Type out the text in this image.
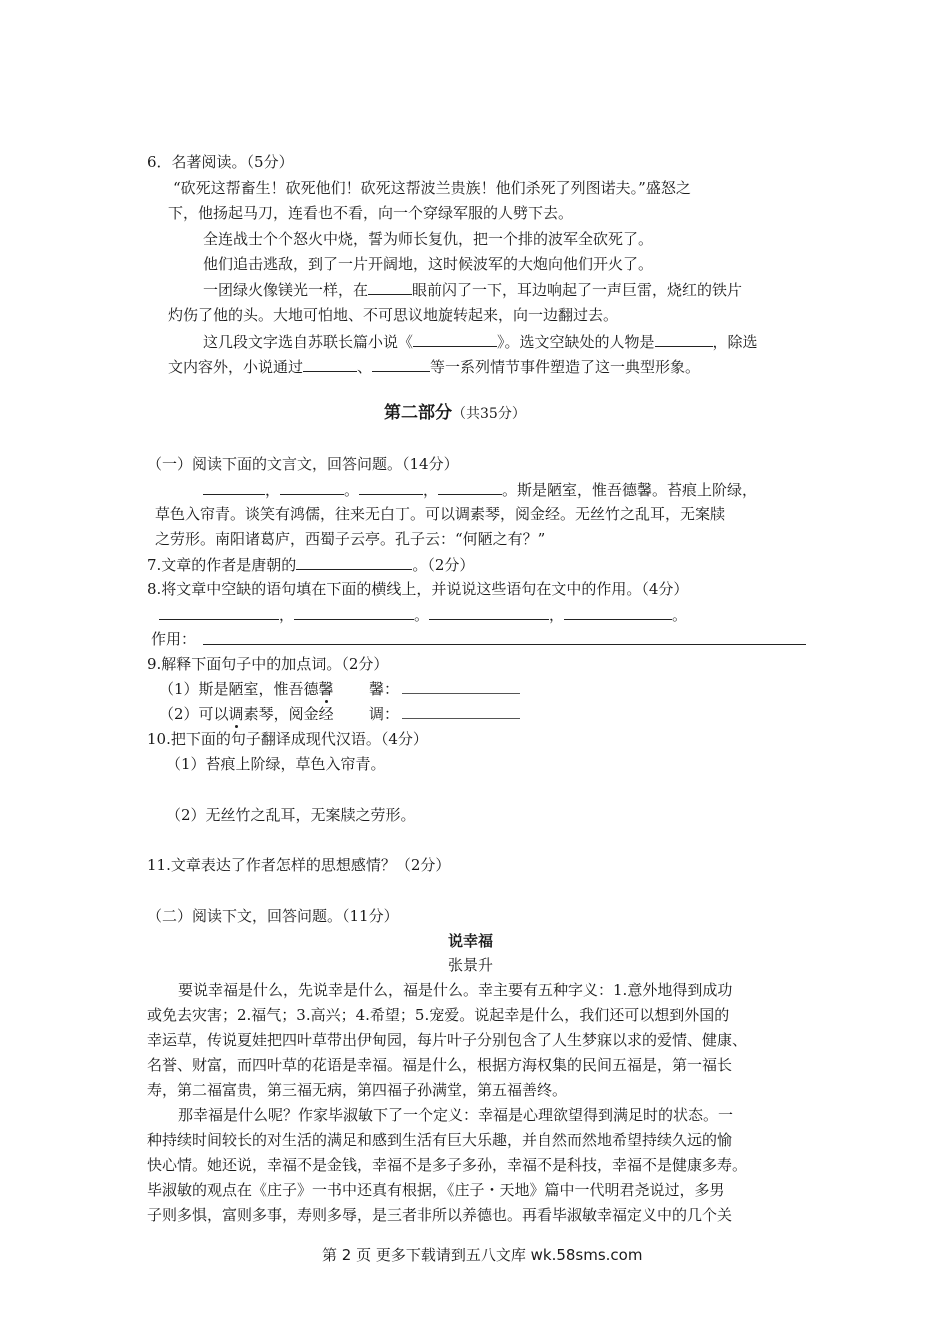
6．名著阅读。（5分）
“砍死这帮畜生！砍死他们！砍死这帮波兰贵族！他们杀死了列图诺夫。”盛怒之
下，他扬起马刀，连看也不看，向一个穿绿军服的人劈下去。
全连战士个个怒火中烧，誓为师长复仇，把一个排的波军全砍死了。
他们追击逃敌，到了一片开阔地，这时候波军的大炮向他们开火了。
一团绿火像镁光一样，在	眼前闪了一下，耳边响起了一声巨雷，烧红的铁片
灼伤了他的头。大地可怕地、不可思议地旋转起来，向一边翻过去。
这几段文字选自苏联长篇小说《	》。选文空缺处的人物是	，除选
文内容外，小说通过	、	等一系列情节事件塑造了这一典型形象。
第二部分（共35分）
（一）阅读下面的文言文，回答问题。（14分）
，	。	，	。斯是陋室，惟吾德馨。苔痕上阶绿，
草色入帘青。谈笑有鸿儒，往来无白丁。可以调素琴，阅金经。无丝竹之乱耳，无案牍
之劳形。南阳诸葛庐，西蜀子云亭。孔子云：“何陋之有？”
7.文章的作者是唐朝的	。（2分）
8.将文章中空缺的语句填在下面的横线上，并说说这些语句在文中的作用。（4分）
，	。	，	。
作用：
9.解释下面句子中的加点词。（2分）
（1）斯是陋室，惟吾德馨 馨：
（2）可以调素琴，阅金经 调：
10.把下面的句子翻译成现代汉语。（4分）
（1）苔痕上阶绿，草色入帘青。
（2）无丝竹之乱耳，无案牍之劳形。
11.文章表达了作者怎样的思想感情？（2分）
（二）阅读下文，回答问题。（11分）
说幸福
张景升
要说幸福是什么，先说幸是什么，福是什么。幸主要有五种字义：1.意外地得到成功
或免去灾害；2.福气；3.高兴；4.希望；5.宠爱。说起幸是什么，我们还可以想到外国的
幸运草，传说夏娃把四叶草带出伊甸园，每片叶子分别包含了人生梦寐以求的爱情、健康、
名誉、财富，而四叶草的花语是幸福。福是什么，根据方海权集的民间五福是，第一福长
寿，第二福富贵，第三福无病，第四福子孙满堂，第五福善终。
那幸福是什么呢？作家毕淑敏下了一个定义：幸福是心理欲望得到满足时的状态。一
种持续时间较长的对生活的满足和感到生活有巨大乐趣，并自然而然地希望持续久远的愉
快心情。她还说，幸福不是金钱，幸福不是多子多孙，幸福不是科技，幸福不是健康多寿。
毕淑敏的观点在《庄子》一书中还真有根据，《庄子・天地》篇中一代明君尧说过，多男
子则多惧，富则多事，寿则多辱，是三者非所以养德也。再看毕淑敏幸福定义中的几个关
第 2 页 更多下载请到五八文库 wk.58sms.com
